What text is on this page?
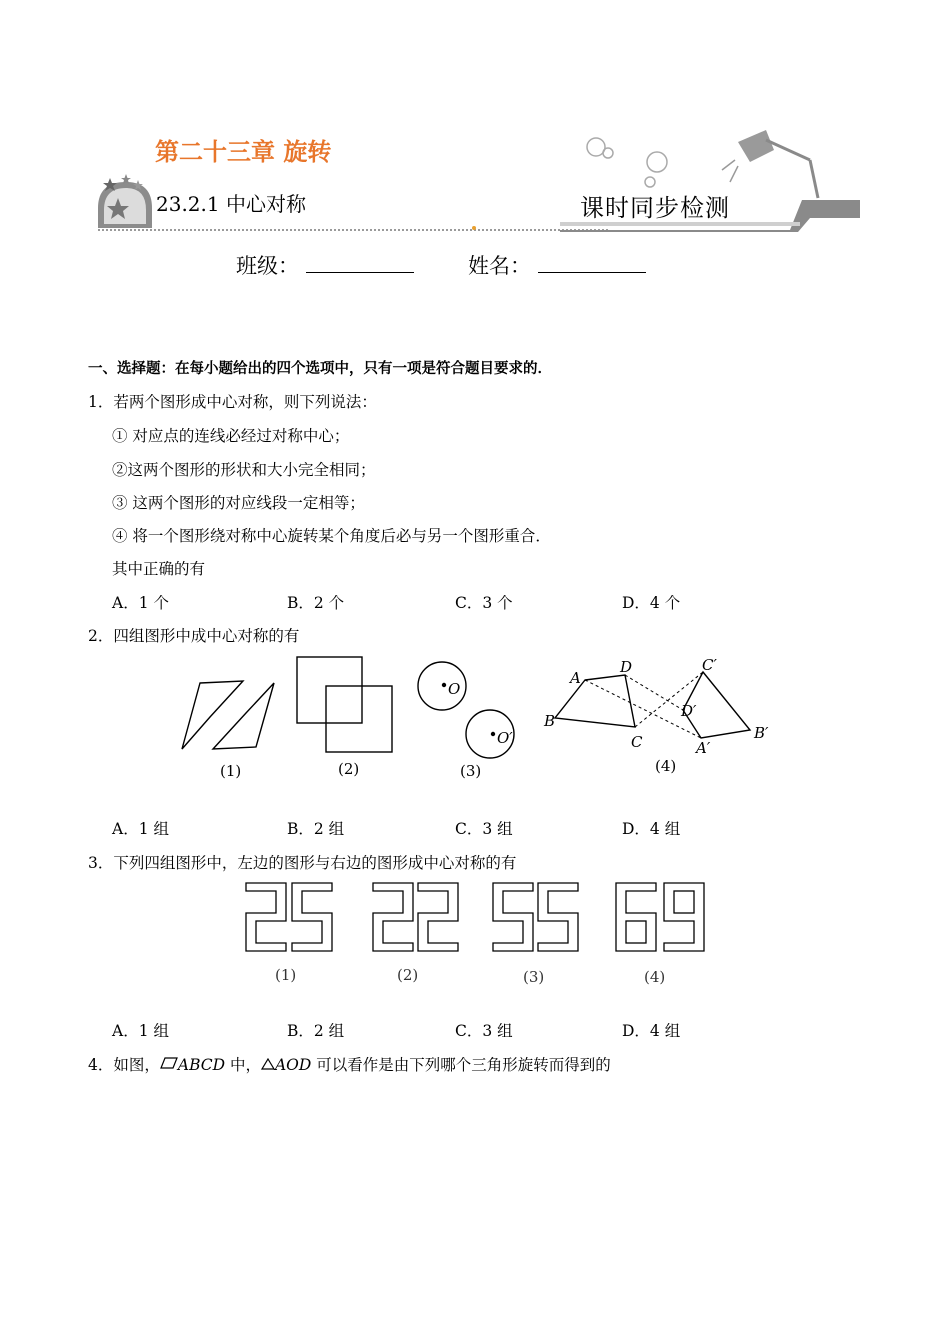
第二十三章 旋转
23.2.1 中心对称	课时同步检测
班级：	姓名：
一、选择题：在每小题给出的四个选项中，只有一项是符合题目要求的．
1．若两个图形成中心对称，则下列说法：
① 对应点的连线必经过对称中心；
②这两个图形的形状和大小完全相同；
③ 这两个图形的对应线段一定相等；
④ 将一个图形绕对称中心旋转某个角度后必与另一个图形重合．
其中正确的有
A．1 个	B．2 个	C．3 个	D．4 个
2．四组图形中成中心对称的有
(1)	(2)
O
O′
(3)
A
D
B
C
C′
D′
A′
B′
(4)
A．1 组	B．2 组	C．3 组	D．4 组
3．下列四组图形中，左边的图形与右边的图形成中心对称的有
(1)	(2)	(3)	(4)
A．1 组	B．2 组	C．3 组	D．4 组
4．如图， ABCD 中， AOD 可以看作是由下列哪个三角形旋转而得到的
